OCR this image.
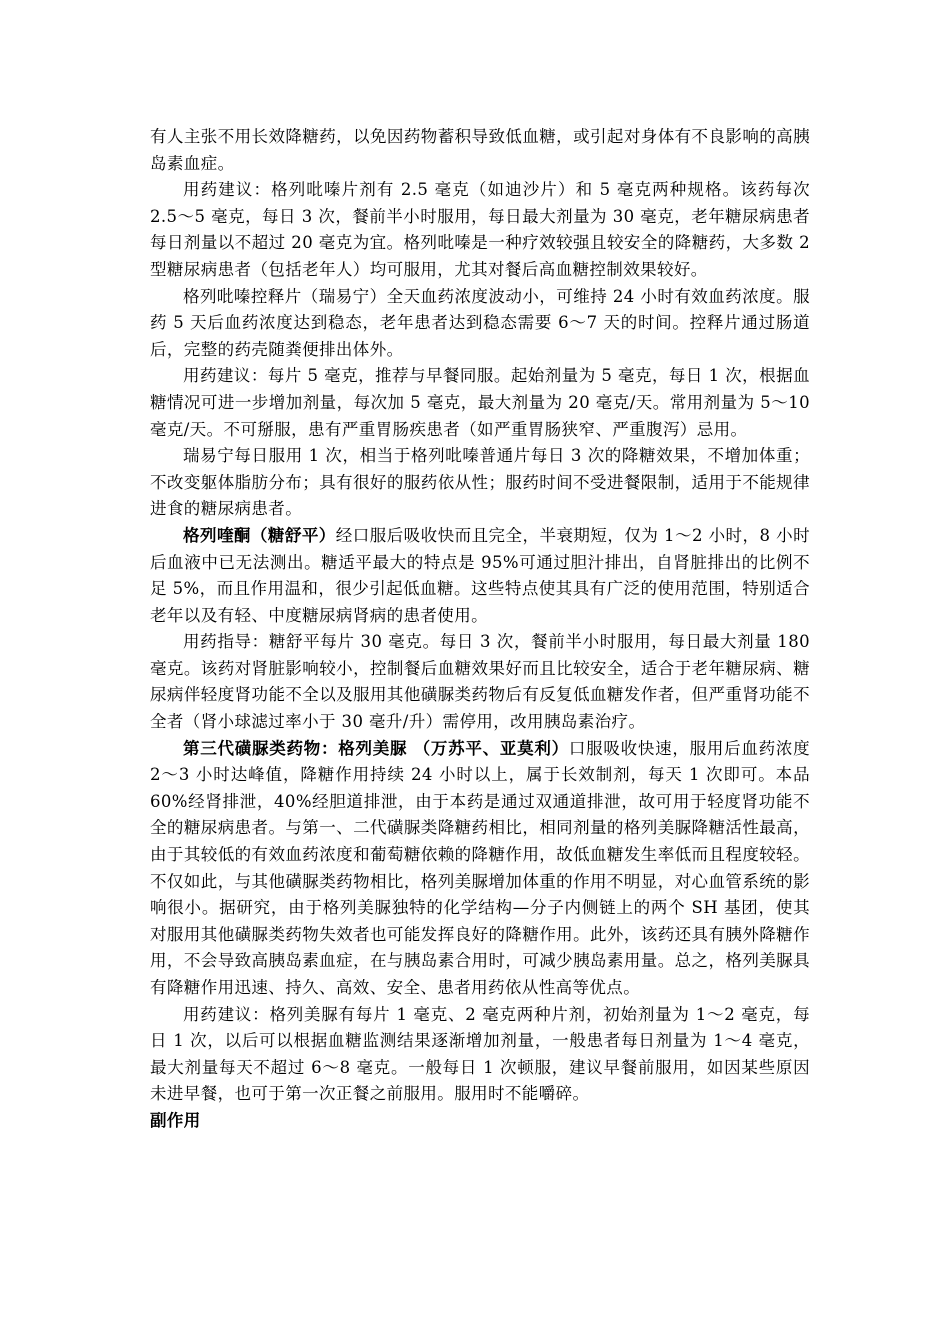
有人主张不用长效降糖药，以免因药物蓄积导致低血糖，或引起对身体有不良影响的高胰岛素血症。

用药建议：格列吡嗪片剂有 2.5 毫克（如迪沙片）和 5 毫克两种规格。该药每次 2.5～5 毫克，每日 3 次，餐前半小时服用，每日最大剂量为 30 毫克，老年糖尿病患者每日剂量以不超过 20 毫克为宜。格列吡嗪是一种疗效较强且较安全的降糖药，大多数 2 型糖尿病患者（包括老年人）均可服用，尤其对餐后高血糖控制效果较好。

格列吡嗪控释片（瑞易宁）全天血药浓度波动小，可维持 24 小时有效血药浓度。服药 5 天后血药浓度达到稳态，老年患者达到稳态需要 6～7 天的时间。控释片通过肠道后，完整的药壳随粪便排出体外。

用药建议：每片 5 毫克，推荐与早餐同服。起始剂量为 5 毫克，每日 1 次，根据血糖情况可进一步增加剂量，每次加 5 毫克，最大剂量为 20 毫克/天。常用剂量为 5～10 毫克/天。不可掰服，患有严重胃肠疾患者（如严重胃肠狭窄、严重腹泻）忌用。

瑞易宁每日服用 1 次，相当于格列吡嗪普通片每日 3 次的降糖效果，不增加体重；不改变躯体脂肪分布；具有很好的服药依从性；服药时间不受进餐限制，适用于不能规律进食的糖尿病患者。

格列喹酮（糖舒平）经口服后吸收快而且完全，半衰期短，仅为 1～2 小时，8 小时后血液中已无法测出。糖适平最大的特点是 95%可通过胆汁排出，自肾脏排出的比例不足 5%，而且作用温和，很少引起低血糖。这些特点使其具有广泛的使用范围，特别适合老年以及有轻、中度糖尿病肾病的患者使用。

用药指导：糖舒平每片 30 毫克。每日 3 次，餐前半小时服用，每日最大剂量 180 毫克。该药对肾脏影响较小，控制餐后血糖效果好而且比较安全，适合于老年糖尿病、糖尿病伴轻度肾功能不全以及服用其他磺脲类药物后有反复低血糖发作者，但严重肾功能不全者（肾小球滤过率小于 30 毫升/升）需停用，改用胰岛素治疗。

第三代磺脲类药物：格列美脲 （万苏平、亚莫利）口服吸收快速，服用后血药浓度 2～3 小时达峰值，降糖作用持续 24 小时以上，属于长效制剂，每天 1 次即可。本品 60%经肾排泄，40%经胆道排泄，由于本药是通过双通道排泄，故可用于轻度肾功能不全的糖尿病患者。与第一、二代磺脲类降糖药相比，相同剂量的格列美脲降糖活性最高，由于其较低的有效血药浓度和葡萄糖依赖的降糖作用，故低血糖发生率低而且程度较轻。不仅如此，与其他磺脲类药物相比，格列美脲增加体重的作用不明显，对心血管系统的影响很小。据研究，由于格列美脲独特的化学结构—分子内侧链上的两个 SH 基团，使其对服用其他磺脲类药物失效者也可能发挥良好的降糖作用。此外，该药还具有胰外降糖作用，不会导致高胰岛素血症，在与胰岛素合用时，可减少胰岛素用量。总之，格列美脲具有降糖作用迅速、持久、高效、安全、患者用药依从性高等优点。

用药建议：格列美脲有每片 1 毫克、2 毫克两种片剂，初始剂量为 1～2 毫克，每日 1 次，以后可以根据血糖监测结果逐渐增加剂量，一般患者每日剂量为 1～4 毫克，最大剂量每天不超过 6～8 毫克。一般每日 1 次顿服，建议早餐前服用，如因某些原因未进早餐，也可于第一次正餐之前服用。服用时不能嚼碎。

副作用
